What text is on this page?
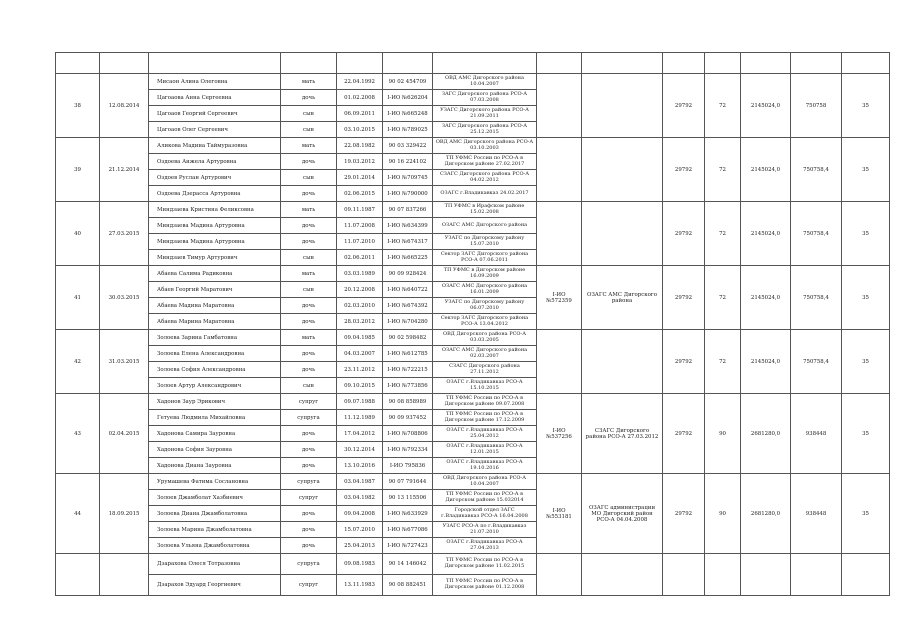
38	12.08.2014	Мисаон Алина Олеговна	мать	22.04.1992	90 02 454709	ОВД АМС Дигорского района 10.04.2007			29792	72	2145024,0	750758	35
		Цагоаова Анна Сергеевна	дочь	01.02.2008	I-ИО №626204	ЗАГС Дигорского района РСО-А 07.03.2008							
		Цагоаов Георгий Сергеевич	сын	06.09.2011	I-ИО №665248	УЗАГС Дигорского района РСО-А 21.09.2011							
		Цагоаов Олег Сергеевич	сын	03.10.2015	I-ИО №789025	ЗАГС Дигорского района РСО-А 25.12.2015							
39	21.12.2014	Аликова Мадина Таймуразовна	мать	22.08.1982	90 03 329422	ОВД АМС Дигорского района РСО-А 03.10.2003			29792	72	2145024,0	750758,4	35
		Оздоева Анжела Артуровна	дочь	19.03.2012	90 16 224102	ТП УФМС России по РСО-А в Дигорском районе 27.02.2017							
		Оздоев Руслан Артурович	сын	29.01.2014	I-ИО №709745	СЗАГС Дигорского района РСО-А 04.02.2012							
		Оздоева Дзерасса Артуровна	дочь	02.06.2015	I-ИО №790000	ОЗАГС г.Владикавказ 24.02.2017							
40	27.03.2015	Миндзаева Кристина Феликсовна	мать	09.11.1987	90 07 837266	ТП УФМС в Ирафском районе 15.02.2008			29792	72	2145024,0	750758,4	35
		Миндзаева Мадина Артуровна	дочь	11.07.2008	I-ИО №634399	ОЗАГС АМС Дигорского района							
		Миндзаева Мадина Артуровна	дочь	11.07.2010	I-ИО №674317	УЗАГС по Дигорскому району 15.07.2010							
		Миндзаев Тимур Артурович	сын	02.06.2011	I-ИО №665225	Сектор ЗАГС Дигорского района РСО-А 07.06.2011							
41	30.03.2015	Абаева Салима Радиковна	мать	03.03.1989	90 09 928424	ТП УФМС в Дигорском районе 16.09.2009	I-ИО №572359	ОЗАГС АМС Дигорского района	29792	72	2145024,0	750758,4	35
		Абаев Георгий Маратович	сын	20.12.2008	I-ИО №640722	ОЗАГС АМС Дигорского района 16.01.2009							
		Абаева Мадина Маратовна	дочь	02.03.2010	I-ИО №674392	УЗАГС по Дигорскому району 06.07.2010							
		Абаева Марина Маратовна	дочь	28.03.2012	I-ИО №704280	Сектор ЗАГС Дигорского района РСО-А 13.04.2012							
42	31.03.2015	Золоева Зарина Гамбатовна	мать	09.04.1985	90 02 598482	ОВД Дигорского района РСО-А 03.03.2005			29792	72	2145024,0	750758,4	35
		Золоева Елена Александровна	дочь	04.03.2007	I-ИО №612785	ОЗАГС АМС Дигорского района 02.03.2007							
		Золоева София Александровна	дочь	23.11.2012	I-ИО №722215	СЗАГС Дигорского района 27.11.2012							
		Золоев Артур Александрович	сын	09.10.2015	I-ИО №773856	ОЗАГС г.Владикавказ РСО-А 15.10.2015							
43	02.04.2015	Хадонов Заур Эрикович	супруг	09.07.1988	90 08 858989	ТП УФМС России по РСО-А в Дигорском районе 09.07.2008	I-ИО №537256	СЗАГС Дигорского района РСО-А 27.03.2012	29792	90	2681280,0	938448	35
		Гетуева Людмила Михайловна	супруга	11.12.1989	90 09 937452	ТП УФМС России по РСО-А в Дигорском районе 17.12.2009							
		Хадонова Самира Зауровна	дочь	17.04.2012	I-ИО №708806	ОЗАГС г.Владикавказ РСО-А 25.04.2012							
		Хадонова София Зауровна	дочь	30.12.2014	I-ИО №792334	ОЗАГС г.Владикавказ РСО-А 12.01.2015							
		Хадонова Диана Зауровна	дочь	13.10.2016	I-ИО 795836	ОЗАГС г.Владикавказ РСО-А 19.10.2016							
44	18.09.2015	Урумашева Фатима Сослановна	супруга	03.04.1987	90 07 791644	ОВД Дигорского района РСО-А 10.04.2007	I-ИО №553181	ОЗАГС администрации МО Дигорский район РСО-А 04.04.2008	29792	90	2681280,0	938448	35
		Золоев Джамболат Хазбиевич	супруг	03.04.1982	90 13 115506	ТП УФМС России по РСО-А в Дигорском районе 15.032014							
		Золоева Диана Джамболатовна	дочь	09.04.2008	I-ИО №633929	Городской отдел ЗАГС г.Владикавказ РСО-А 16.04.2008							
		Золоева Марина Джамболатовна	дочь	15.07.2010	I-ИО №677086	УЗАГС РСО-А по г.Владикавказ 21.07.2010							
		Золоева Ульяна Джамболатовна	дочь	25.04.2013	I-ИО №727423	ОЗАГС г.Владикавказ РСО-А 27.04.2013							
		Дзарахова Олеся Тотразовна	супруга	09.08.1983	90 14 146042	ТП УФМС России по РСО-А в Дигорском районе 11.02.2015							
		Дзарахов Эдуард Георгиевич	супруг	13.11.1983	90 08 882451	ТП УФМС России по РСО-А в Дигорском районе 01.12.2008							
